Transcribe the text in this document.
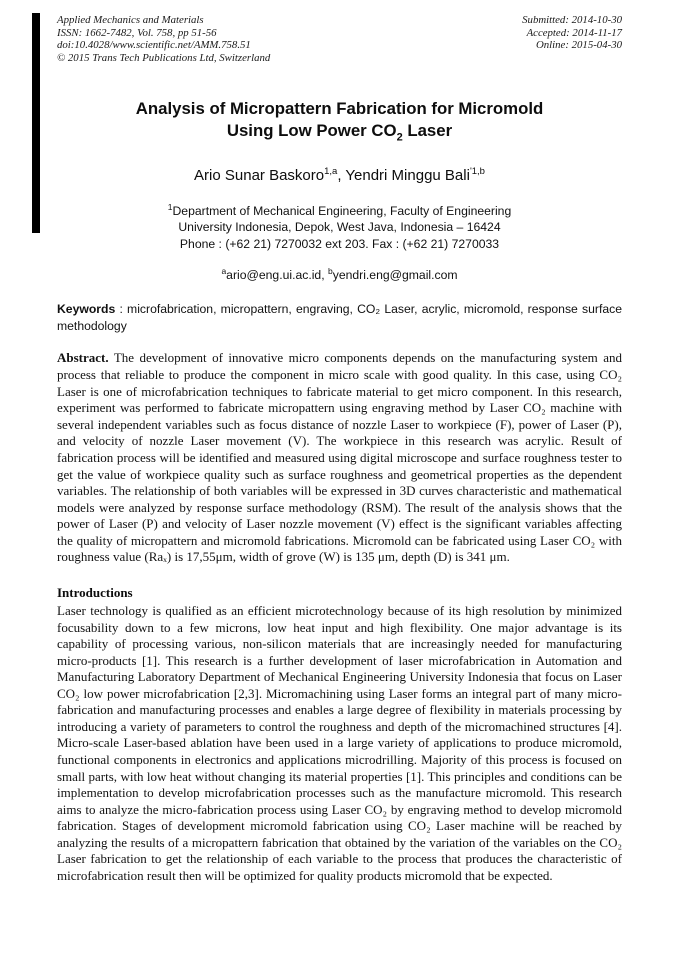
Applied Mechanics and Materials
ISSN: 1662-7482, Vol. 758, pp 51-56
doi:10.4028/www.scientific.net/AMM.758.51
© 2015 Trans Tech Publications Ltd, Switzerland
Submitted: 2014-10-30
Accepted: 2014-11-17
Online: 2015-04-30
Analysis of Micropattern Fabrication for Micromold
Using Low Power $CO_2$ Laser
Ario Sunar Baskoro$^{1,a}$, Yendri Minggu Bali$^{'1,b}$
$^1$Department of Mechanical Engineering, Faculty of Engineering
University Indonesia, Depok, West Java, Indonesia – 16424
Phone : (+62 21) 7270032 ext 203. Fax : (+62 21) 7270033
$^a$ario@eng.ui.ac.id, $^b$yendri.eng@gmail.com

Keywords : microfabrication, micropattern, engraving, CO₂ Laser, acrylic, micromold, response surface methodology

Abstract. The development of innovative micro components depends on the manufacturing system and process that reliable to produce the component in micro scale with good quality. In this case, using CO₂ Laser is one of microfabrication techniques to fabricate material to get micro component. In this research, experiment was performed to fabricate micropattern using engraving method by Laser CO₂ machine with several independent variables such as focus distance of nozzle Laser to workpiece (F), power of Laser (P), and velocity of nozzle Laser movement (V). The workpiece in this research was acrylic. Result of fabrication process will be identified and measured using digital microscope and surface roughness tester to get the value of workpiece quality such as surface roughness and geometrical properties as the dependent variables. The relationship of both variables will be expressed in 3D curves characteristic and mathematical models were analyzed by response surface methodology (RSM). The result of the analysis shows that the power of Laser (P) and velocity of Laser nozzle movement (V) effect is the significant variables affecting the quality of micropattern and micromold fabrications. Micromold can be fabricated using Laser CO₂ with roughness value (Raₓ) is 17,55μm, width of grove (W) is 135 μm, depth (D) is 341 μm.

Introductions

Laser technology is qualified as an efficient microtechnology because of its high resolution by minimized focusability down to a few microns, low heat input and high flexibility. One major advantage is its capability of processing various, non-silicon materials that are increasingly needed for manufacturing micro-products [1]. This research is a further development of laser microfabrication in Automation and Manufacturing Laboratory Department of Mechanical Engineering University Indonesia that focus on Laser CO₂ low power microfabrication [2,3]. Micromachining using Laser forms an integral part of many micro-fabrication and manufacturing processes and enables a large degree of flexibility in materials processing by introducing a variety of parameters to control the roughness and depth of the micromachined structures [4]. Micro-scale Laser-based ablation have been used in a large variety of applications to produce micromold, functional components in electronics and applications microdrilling. Majority of this process is focused on small parts, with low heat without changing its material properties [1]. This principles and conditions can be implementation to develop microfabrication processes such as the manufacture micromold. This research aims to analyze the micro-fabrication process using Laser CO₂ by engraving method to develop micromold fabrication. Stages of development micromold fabrication using CO₂ Laser machine will be reached by analyzing the results of a micropattern fabrication that obtained by the variation of the variables on the CO₂ Laser fabrication to get the relationship of each variable to the process that produces the characteristic of microfabrication result then will be optimized for quality products micromold that be expected.
